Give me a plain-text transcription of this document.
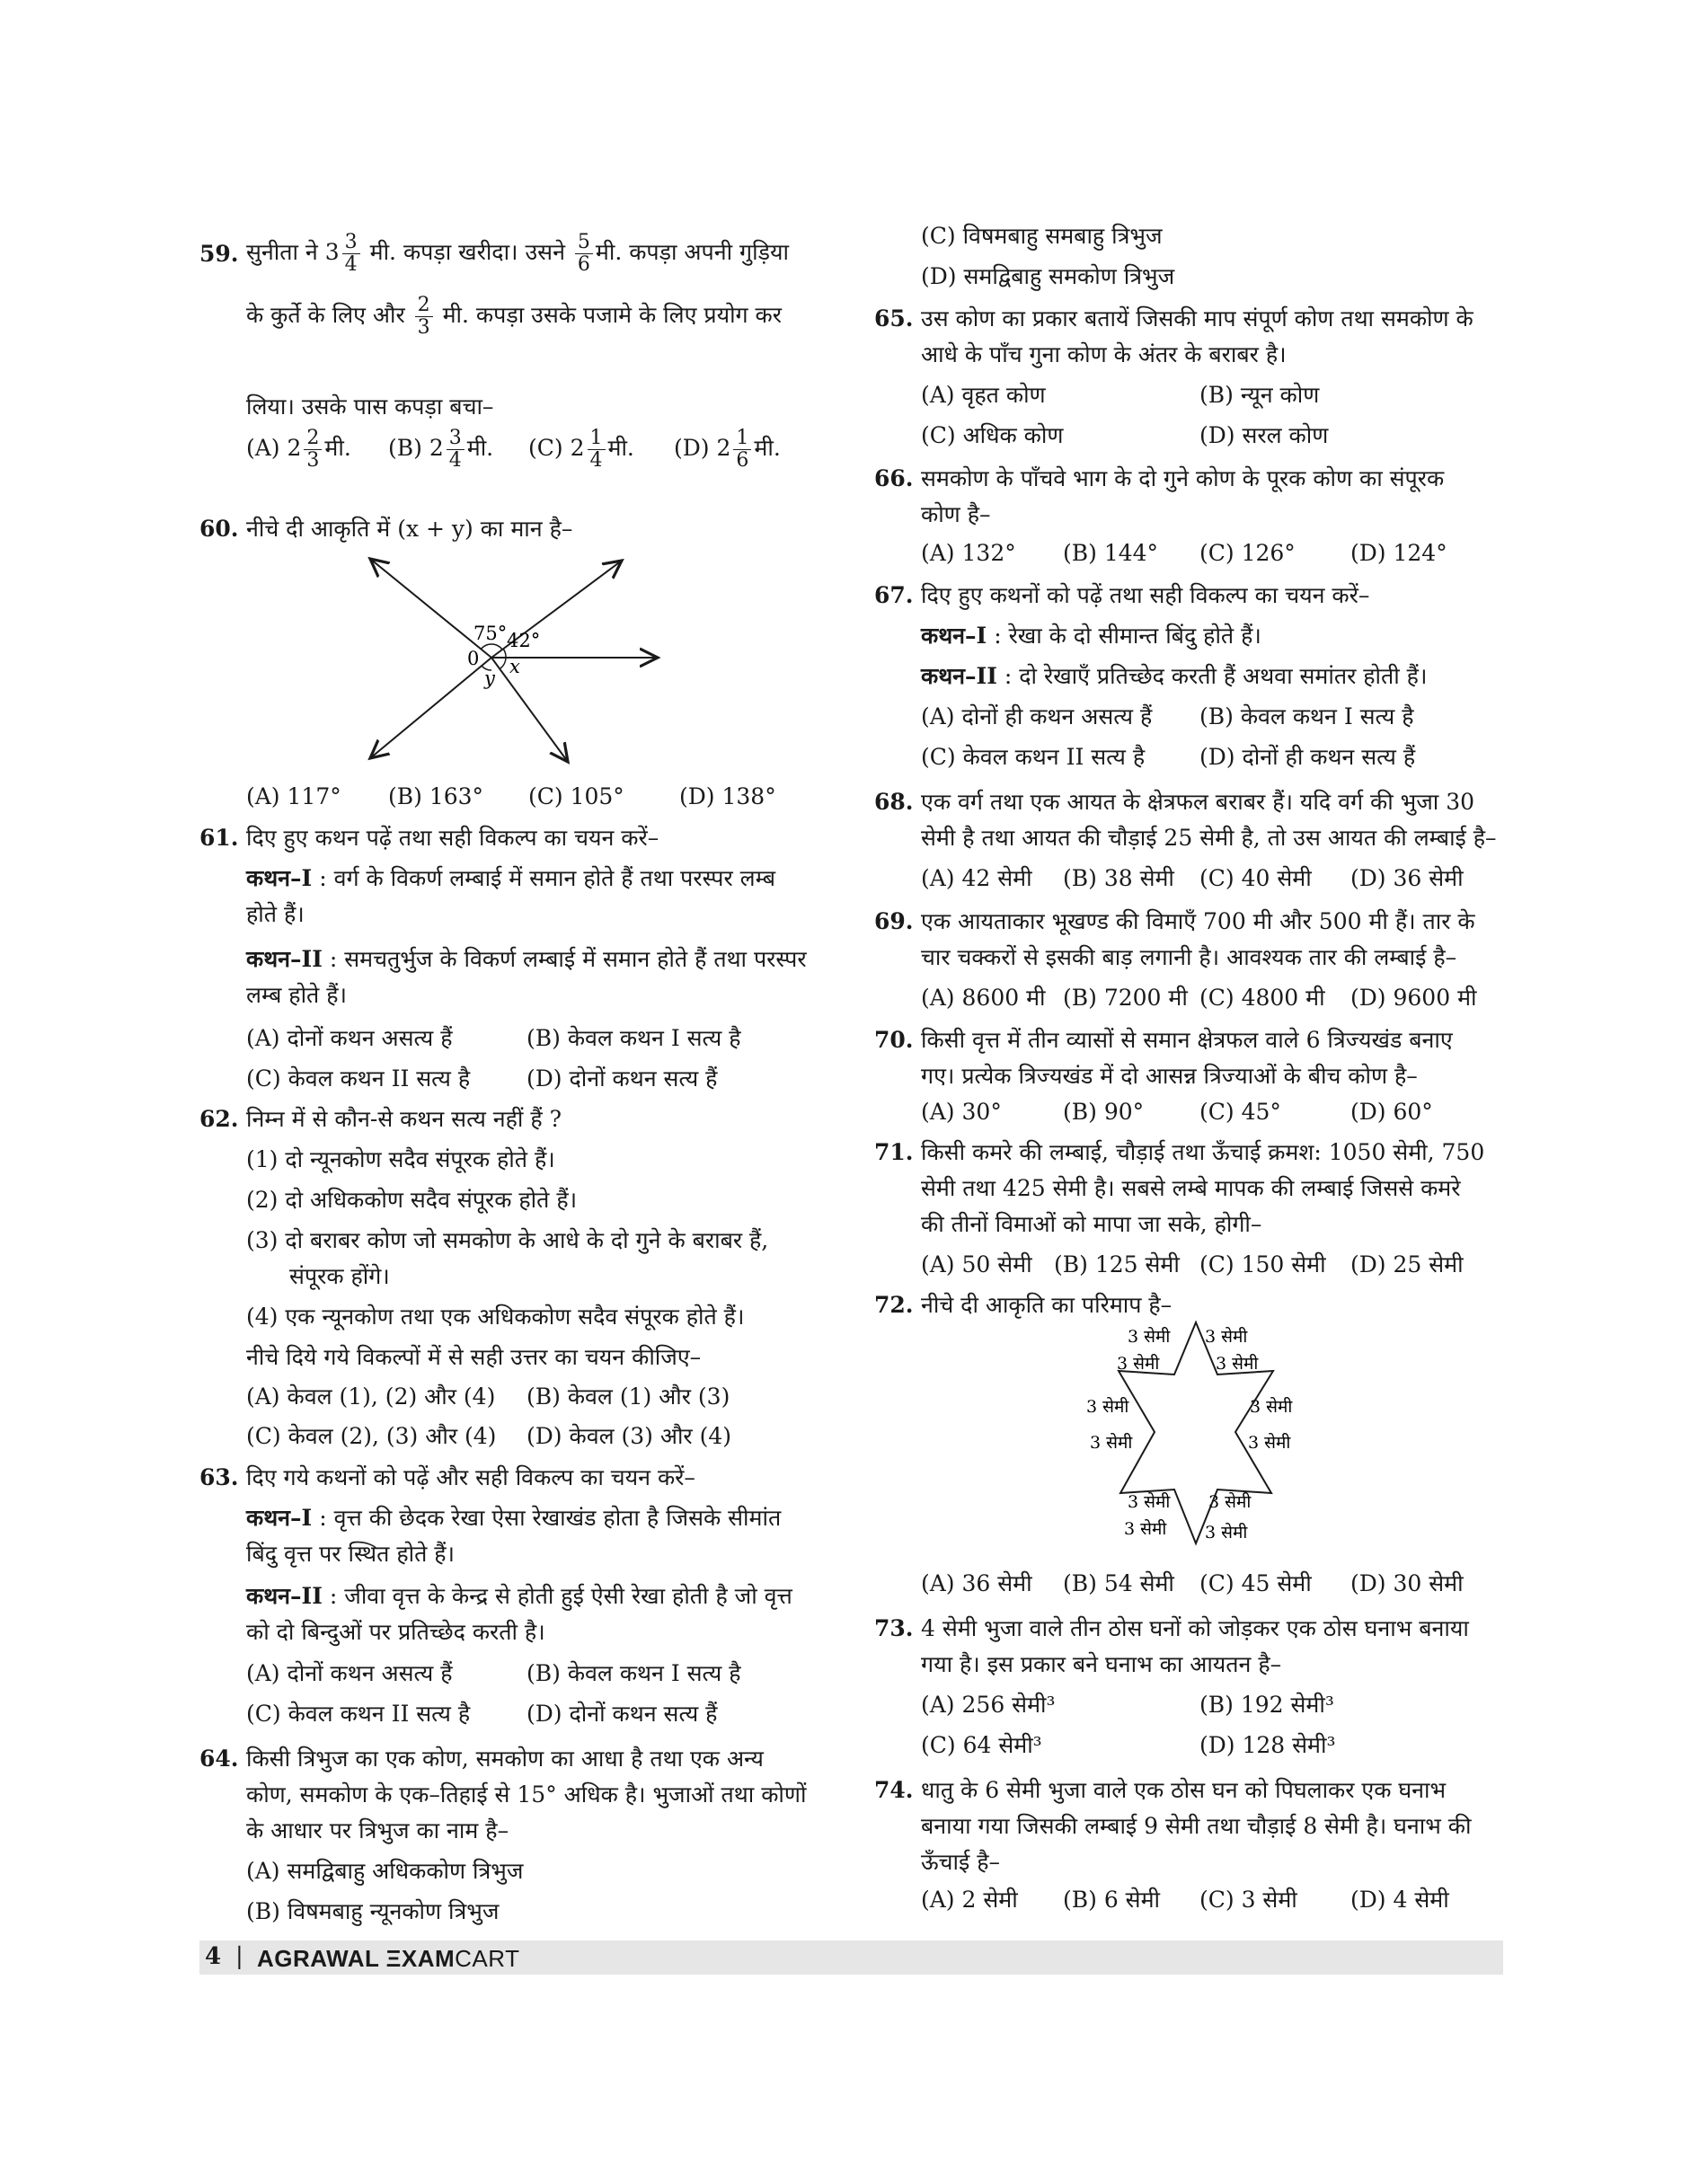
59. सुनीता ने $3 \frac{3}{4}$ मी. कपड़ा खरीदा। उसने $\frac{5}{6}$ मी. कपड़ा अपनी गुड़िया
के कुर्ते के लिए और $\frac{2}{3}$ मी. कपड़ा उसके पजामे के लिए प्रयोग कर
लिया। उसके पास कपड़ा बचा–
(A) $2 \frac{2}{3}$ मी. (B) $2 \frac{3}{4}$ मी. (C) $2 \frac{1}{4}$ मी. (D) $2 \frac{1}{6}$ मी.
60. नीचे दी आकृति में (x + y) का मान है–
75° 42°
0 x
y
(A) 117° (B) 163° (C) 105° (D) 138°
61. दिए हुए कथन पढ़ें तथा सही विकल्प का चयन करें–
कथन–I : वर्ग के विकर्ण लम्बाई में समान होते हैं तथा परस्पर लम्ब
होते हैं।
कथन–II : समचतुर्भुज के विकर्ण लम्बाई में समान होते हैं तथा परस्पर
लम्ब होते हैं।
(A) दोनों कथन असत्य हैं	(B) केवल कथन I सत्य है
(C) केवल कथन II सत्य है	(D) दोनों कथन सत्य हैं
62. निम्न में से कौन-से कथन सत्य नहीं हैं ?
(1) दो न्यूनकोण सदैव संपूरक होते हैं।
(2) दो अधिककोण सदैव संपूरक होते हैं।
(3) दो बराबर कोण जो समकोण के आधे के दो गुने के बराबर हैं,
संपूरक होंगे।
(4) एक न्यूनकोण तथा एक अधिककोण सदैव संपूरक होते हैं।
नीचे दिये गये विकल्पों में से सही उत्तर का चयन कीजिए–
(A) केवल (1), (2) और (4) (B) केवल (1) और (3)
(C) केवल (2), (3) और (4) (D) केवल (3) और (4)
63. दिए गये कथनों को पढ़ें और सही विकल्प का चयन करें–
कथन–I : वृत्त की छेदक रेखा ऐसा रेखाखंड होता है जिसके सीमांत
बिंदु वृत्त पर स्थित होते हैं।
कथन–II : जीवा वृत्त के केन्द्र से होती हुई ऐसी रेखा होती है जो वृत्त
को दो बिन्दुओं पर प्रतिच्छेद करती है।
(A) दोनों कथन असत्य हैं	(B) केवल कथन I सत्य है
(C) केवल कथन II सत्य है	(D) दोनों कथन सत्य हैं
64. किसी त्रिभुज का एक कोण, समकोण का आधा है तथा एक अन्य
कोण, समकोण के एक–तिहाई से 15° अधिक है। भुजाओं तथा कोणों
के आधार पर त्रिभुज का नाम है–
(A) समद्विबाहु अधिककोण त्रिभुज
(B) विषमबाहु न्यूनकोण त्रिभुज
(C) विषमबाहु समबाहु त्रिभुज
(D) समद्विबाहु समकोण त्रिभुज
65. उस कोण का प्रकार बतायें जिसकी माप संपूर्ण कोण तथा समकोण के
आधे के पाँच गुना कोण के अंतर के बराबर है।
(A) वृहत कोण	(B) न्यून कोण
(C) अधिक कोण	(D) सरल कोण
66. समकोण के पाँचवे भाग के दो गुने कोण के पूरक कोण का संपूरक
कोण है–
(A) 132° (B) 144° (C) 126° (D) 124°
67. दिए हुए कथनों को पढ़ें तथा सही विकल्प का चयन करें–
कथन–I : रेखा के दो सीमान्त बिंदु होते हैं।
कथन–II : दो रेखाएँ प्रतिच्छेद करती हैं अथवा समांतर होती हैं।
(A) दोनों ही कथन असत्य हैं (B) केवल कथन I सत्य है
(C) केवल कथन II सत्य है (D) दोनों ही कथन सत्य हैं
68. एक वर्ग तथा एक आयत के क्षेत्रफल बराबर हैं। यदि वर्ग की भुजा 30
सेमी है तथा आयत की चौड़ाई 25 सेमी है, तो उस आयत की लम्बाई है–
(A) 42 सेमी (B) 38 सेमी (C) 40 सेमी (D) 36 सेमी
69. एक आयताकार भूखण्ड की विमाएँ 700 मी और 500 मी हैं। तार के
चार चक्करों से इसकी बाड़ लगानी है। आवश्यक तार की लम्बाई है–
(A) 8600 मी (B) 7200 मी (C) 4800 मी (D) 9600 मी
70. किसी वृत्त में तीन व्यासों से समान क्षेत्रफल वाले 6 त्रिज्यखंड बनाए
गए। प्रत्येक त्रिज्यखंड में दो आसन्न त्रिज्याओं के बीच कोण है–
(A) 30°	(B) 90° (C) 45°	(D) 60°
71. किसी कमरे की लम्बाई, चौड़ाई तथा ऊँचाई क्रमश: 1050 सेमी, 750
सेमी तथा 425 सेमी है। सबसे लम्बे मापक की लम्बाई जिससे कमरे
की तीनों विमाओं को मापा जा सके, होगी–
(A) 50 सेमी (B) 125 सेमी (C) 150 सेमी (D) 25 सेमी
72. नीचे दी आकृति का परिमाप है–
3 सेमी 3 सेमी
3 सेमी	3 सेमी
3 सेमी	3 सेमी
3 सेमी	3 सेमी
3 सेमी 3 सेमी
3 सेमी 3 सेमी
(A) 36 सेमी (B) 54 सेमी (C) 45 सेमी (D) 30 सेमी
73. 4 सेमी भुजा वाले तीन ठोस घनों को जोड़कर एक ठोस घनाभ बनाया
गया है। इस प्रकार बने घनाभ का आयतन है–
(A) 256 सेमी³	(B) 192 सेमी³
(C) 64 सेमी³	(D) 128 सेमी³
74. धातु के 6 सेमी भुजा वाले एक ठोस घन को पिघलाकर एक घनाभ
बनाया गया जिसकी लम्बाई 9 सेमी तथा चौड़ाई 8 सेमी है। घनाभ की
ऊँचाई है–
(A) 2 सेमी (B) 6 सेमी (C) 3 सेमी (D) 4 सेमी
4 | AGRAWAL ΞXAMCART
